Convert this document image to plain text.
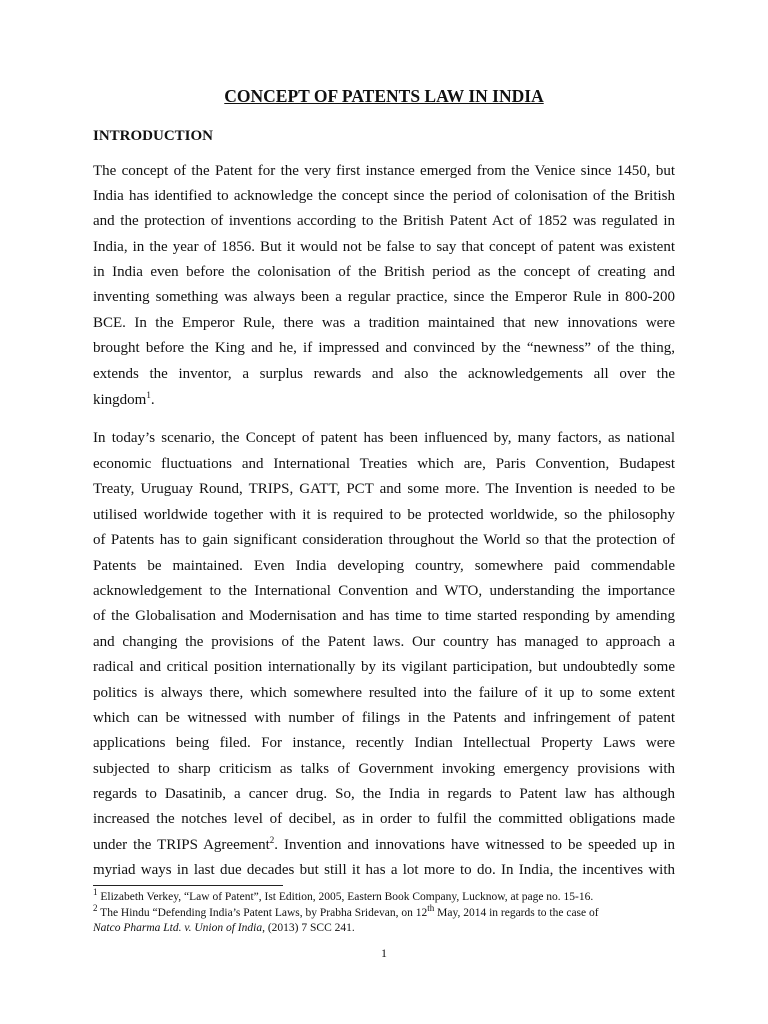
CONCEPT OF PATENTS LAW IN INDIA
INTRODUCTION
The concept of the Patent for the very first instance emerged from the Venice since 1450, but
India has identified to acknowledge the concept since the period of colonisation of the British
and the protection of inventions according to the British Patent Act of 1852 was regulated in
India, in the year of 1856. But it would not be false to say that concept of patent was existent
in India even before the colonisation of the British period as the concept of creating and
inventing something was always been a regular practice, since the Emperor Rule in 800-200
BCE. In the Emperor Rule, there was a tradition maintained that new innovations were
brought before the King and he, if impressed and convinced by the “newness” of the thing,
extends the inventor, a surplus rewards and also the acknowledgements all over the
kingdom$^1$.
In today’s scenario, the Concept of patent has been influenced by, many factors, as national
economic fluctuations and International Treaties which are, Paris Convention, Budapest
Treaty, Uruguay Round, TRIPS, GATT, PCT and some more. The Invention is needed to be
utilised worldwide together with it is required to be protected worldwide, so the philosophy
of Patents has to gain significant consideration throughout the World so that the protection of
Patents be maintained. Even India developing country, somewhere paid commendable
acknowledgement to the International Convention and WTO, understanding the importance
of the Globalisation and Modernisation and has time to time started responding by amending
and changing the provisions of the Patent laws. Our country has managed to approach a
radical and critical position internationally by its vigilant participation, but undoubtedly some
politics is always there, which somewhere resulted into the failure of it up to some extent
which can be witnessed with number of filings in the Patents and infringement of patent
applications being filed. For instance, recently Indian Intellectual Property Laws were
subjected to sharp criticism as talks of Government invoking emergency provisions with
regards to Dasatinib, a cancer drug. So, the India in regards to Patent law has although
increased the notches level of decibel, as in order to fulfil the committed obligations made
under the TRIPS Agreement$^2$. Invention and innovations have witnessed to be speeded up in
myriad ways in last due decades but still it has a lot more to do. In India, the incentives with
$^1$ Elizabeth Verkey, “Law of Patent”, Ist Edition, 2005, Eastern Book Company, Lucknow, at page no. 15-16.
$^2$ The Hindu “Defending India’s Patent Laws, by Prabha Sridevan, on 12th May, 2014 in regards to the case of
Natco Pharma Ltd. v. Union of India, (2013) 7 SCC 241.
1
